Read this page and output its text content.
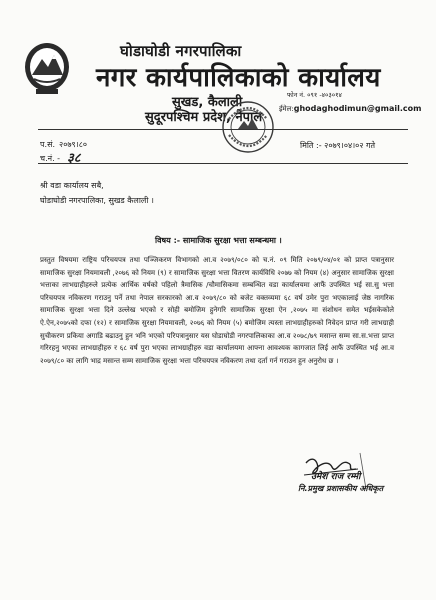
घोडाघोडी नगरपालिका
नगर कार्यपालिकाको कार्यालय
सुखड, कैलाली
सुदूरपश्चिम प्रदेश, नेपाल
फोन नं. ०९१ -४०३०१४
ईमेल:ghodaghodimun@gmail.com
प.सं. २०७९।८०
च.नं. - ३८
मिति :- २०७९।०४।०२ गते
श्री वडा कार्यालय सबै,
घोडाघोडी नगरपालिका, सुखड कैलाली ।
विषय :- सामाजिक सुरक्षा भत्ता सम्बन्धमा ।
प्रस्तुत विषयमा राष्ट्रिय परिचयपत्र तथा पञ्जिकरण विभागको आ.व २०७९/०८० को च.नं. ०९ मिति २०७९/०४/०१ को प्राप्त पत्रानुसार सामाजिक सुरक्षा नियमावली ,२०७६ को नियम (९) र सामाजिक सुरक्षा भत्ता वितरण कार्यविधि २०७७ को नियम (४) अनुसार सामाजिक सुरक्षा भत्ताका लाभग्राहीहरुले प्रत्येक आर्थिक वर्षको पहिलो त्रैमासिक /चौमासिकमा सम्बन्धित वडा कार्यालयमा आफैं उपस्थित भई सा.सु भत्ता परिचयपत्र नविकरण गराउनु पर्ने तथा नेपाल सरकारको आ.व २०७९/८० को बजेट वक्तव्यमा ६८ वर्ष उमेर पुरा भएकालाई जेष्ठ नागरिक सामाजिक सुरक्षा भत्ता दिने उल्लेख भएको र सोही बमोजिम हुनेगरि सामाजिक सुरक्षा ऐन ,२०७५ मा संशोधन समेत भईसकेकोले ऐ.ऐन,२०७५को दफा (१२) र सामाजिक सुरक्षा नियमावली, २०७६ को नियम (५) बमोजिम त्यस्ता लाभग्राहीहरुको निवेदन प्राप्त गरी लाभग्राही सुचीकरण प्रकिया अगाडि बढाउनु हुन भनि भएको परिपत्रानुसार यस घोडाघोडी नगरपालिकाका आ.व २०७८/७९ मसान्त सम्म सा.स.भत्ता प्राप्त गरिरहनु भएका लाभग्राहीहरु र ६८ वर्ष पुरा भएका लाभग्राहीहरु वडा कार्यालयमा आफ्ना आवश्यक कागजात लिई आफैं उपस्थित भई आ.व २०७९/८० का लागि भाद्र मसान्त सम्म सामाजिक सुरक्षा भत्ता परिचयपत्र नविकरण तथा दर्ता गर्न गराउन हुन अनुरोध छ ।
उमेश राज रम्मी
नि.प्रमुख प्रशासकीय अधिकृत
